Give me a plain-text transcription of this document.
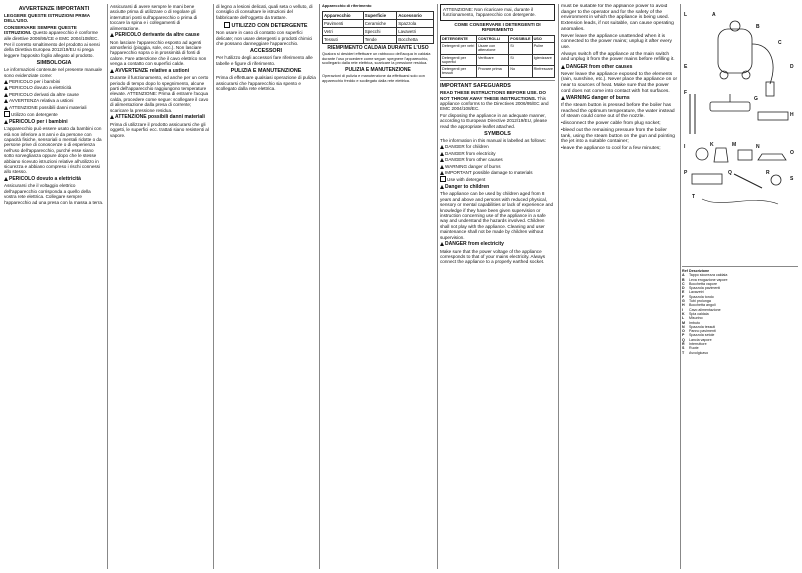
AVVERTENZE IMPORTANTI

LEGGERE QUESTE ISTRUZIONI PRIMA DELL'USO.

CONSERVARE SEMPRE QUESTE ISTRUZIONI. Questo apparecchio è conforme alle direttive 2006/95/CE e EMC 2004/108/EC.

Per il corretto smaltimento del prodotto ai sensi della Direttiva Europea 2012/19/EU si prega leggere l'apposito foglio allegato al prodotto.

SIMBOLOGIA

Le informazioni contenute nel presente manuale sono evidenziate come:

PERICOLO per i bambini

PERICOLO dovuto a elettricità

PERICOLO derivati da altre cause

AVVERTENZA relativa a ustioni

ATTENZIONE possibili danni materiali

Utilizzo con detergente

PERICOLO per i bambini

L'apparecchio può essere usato da bambini con età non inferiore a 8 anni e da persone con capacità fisiche, sensoriali o mentali ridotte o da persone prive di conoscenze o di esperienza nell'uso dell'apparecchio, purché esse siano sotto sorveglianza oppure dopo che le stesse abbiano ricevuto istruzioni relative all'utilizzo in sicurezza e abbiano compreso i rischi connessi allo stesso.

PERICOLO dovuto a elettricità

Assicurarsi che il voltaggio elettrico dell'apparecchio corrisponda a quello della vostra rete elettrica. Collegare sempre l'apparecchio ad una presa con la massa a terra.

Assicurarsi di avere sempre le mani bene asciutte prima di utilizzare o di regolare gli interruttori posti sull'apparecchio o prima di toccare la spina e i collegamenti di alimentazione.

PERICOLO derivante da altre cause

Non lasciare l'apparecchio esposto ad agenti atmosferici (pioggia, sole, ecc.). Non lasciare l'apparecchio sopra o in prossimità di fonti di calore. Fare attenzione che il cavo elettrico non venga a contatto con superfici calde.

AVVERTENZE relative a ustioni

Durante il funzionamento, ed anche per un certo periodo di tempo dopo lo spegnimento, alcune parti dell'apparecchio raggiungono temperature elevate. ATTENZIONE: Prima di estrarre l'acqua calda, procedere come segue: scollegare il cavo di alimentazione dalla presa di corrente; scaricare la pressione residua.

ATTENZIONE possibili danni materiali

Prima di utilizzare il prodotto assicurarsi che gli oggetti, le superfici ecc. trattati siano resistenti al vapore.

di legno a lesioni delicati, quali seta o velluto, di consiglio di consultare le istruzioni del fabbricante dell'oggetto da trattare.

UTILIZZO CON DETERGENTE

Non usare in caso di contatto con superfici delicate; non usare detergenti o prodotti chimici che possano danneggiare l'apparecchio.

ACCESSORI

Per l'utilizzo degli accessori fare riferimento alle tabelle e figure di riferimento.

PULIZIA E MANUTENZIONE

Prima di effettuare qualsiasi operazione di pulizia assicurarsi che l'apparecchio sia spento e scollegato dalla rete elettrica.

Apparecchio di riferimento

Apparecchio	Superficie	Accessorio
Pavimenti	Ceramiche	Spazzola
Vetri	Specchi	Lavavetri
Tessuti	Tende	Bocchetta
RIEMPIMENTO CALDAIA DURANTE L'USO

Qualora si desideri effettuare un rabbocco dell'acqua in caldaia durante l'uso procedere come segue: spegnere l'apparecchio, scollegarlo dalla rete elettrica, scaricare la pressione residua.

PULIZIA E MANUTENZIONE

Operazioni di pulizia e manutenzione da effettuarsi solo con apparecchio freddo e scollegato dalla rete elettrica.

ATTENZIONE: Non ricaricare mai, durante il funzionamento, l'apparecchio con detergente.

COME CONSERVARE I DETERGENTI DI RIFERIMENTO

DETERGENTE	CONTROLLI	POSSIBILE	USO
Detergenti per vetri	Usare con attenzione	Sì	Pulire
Detergenti per superfici	Verificare	Sì	Igienizzare
Detergenti per tessuti	Provare prima	No	Rinfrescare

IMPORTANT SAFEGUARDS

READ THESE INSTRUCTIONS BEFORE USE. DO NOT THROW AWAY THESE INSTRUCTIONS. This appliance conforms to the Directives 2006/95/EC and EMC 2004/108/EC.

For disposing the appliance in an adequate manner, according to European Directive 2012/19/EU, please read the appropriate leaflet attached.

SYMBOLS

The information in this manual is labelled as follows:

DANGER for children

DANGER from electricity

DANGER from other causes

WARNING danger of burns

IMPORTANT possible damage to materials

Use with detergent

Danger to children

The appliance can be used by children aged from 8 years and above and persons with reduced physical, sensory or mental capabilities or lack of experience and knowledge if they have been given supervision or instruction concerning use of the appliance in a safe way and understand the hazards involved. Children shall not play with the appliance. Cleaning and user maintenance shall not be made by children without supervision.

DANGER from electricity

Make sure that the power voltage of the appliance corresponds to that of your mains electricity. Always connect the appliance to a properly earthed socket.

must be suitable for the appliance power to avoid danger to the operator and for the safety of the environment in which the appliance is being used. Extension leads, if not suitable, can cause operating anomalies.

Never leave the appliance unattended when it is connected to the power mains; unplug it after every use.

Always switch off the appliance at the main switch and unplug it from the power mains before refilling it.

DANGER from other causes

Never leave the appliance exposed to the elements (rain, sunshine, etc.). Never place the appliance on or near to sources of heat. Make sure that the power cord does not come into contact with hot surfaces.

WARNING danger of burns

If the steam button is pressed before the boiler has reached the optimum temperature, the water instead of steam could come out of the nozzle.

• disconnect the power cable from plug socket;

• bleed out the remaining pressure from the boiler tank, using the steam button on the gun and pointing the jet into a suitable container;

• leave the appliance to cool for a few minutes;

L	A
B
C
D
E
F
G
H
I	K	M	N
O
P	Q	R
S
T
Ref Descrizione
A	Tappo sicurezza caldaia
B	Leva erogazione vapore
C	Bocchetta vapore
D	Spazzola pavimenti
E	Lavavetri
F	Spazzola tondo
G	Tubi prolunga
H	Bocchetta angoli
I	Cavo alimentazione
K	Spia caldaia
L	Misurino
M	Imbuto
N	Spazzola tessuti
O	Panno pavimenti
P	Spazzola setole
Q	Lancia vapore
R	Interruttore
S	Ruote
T	Avvolgicavo
